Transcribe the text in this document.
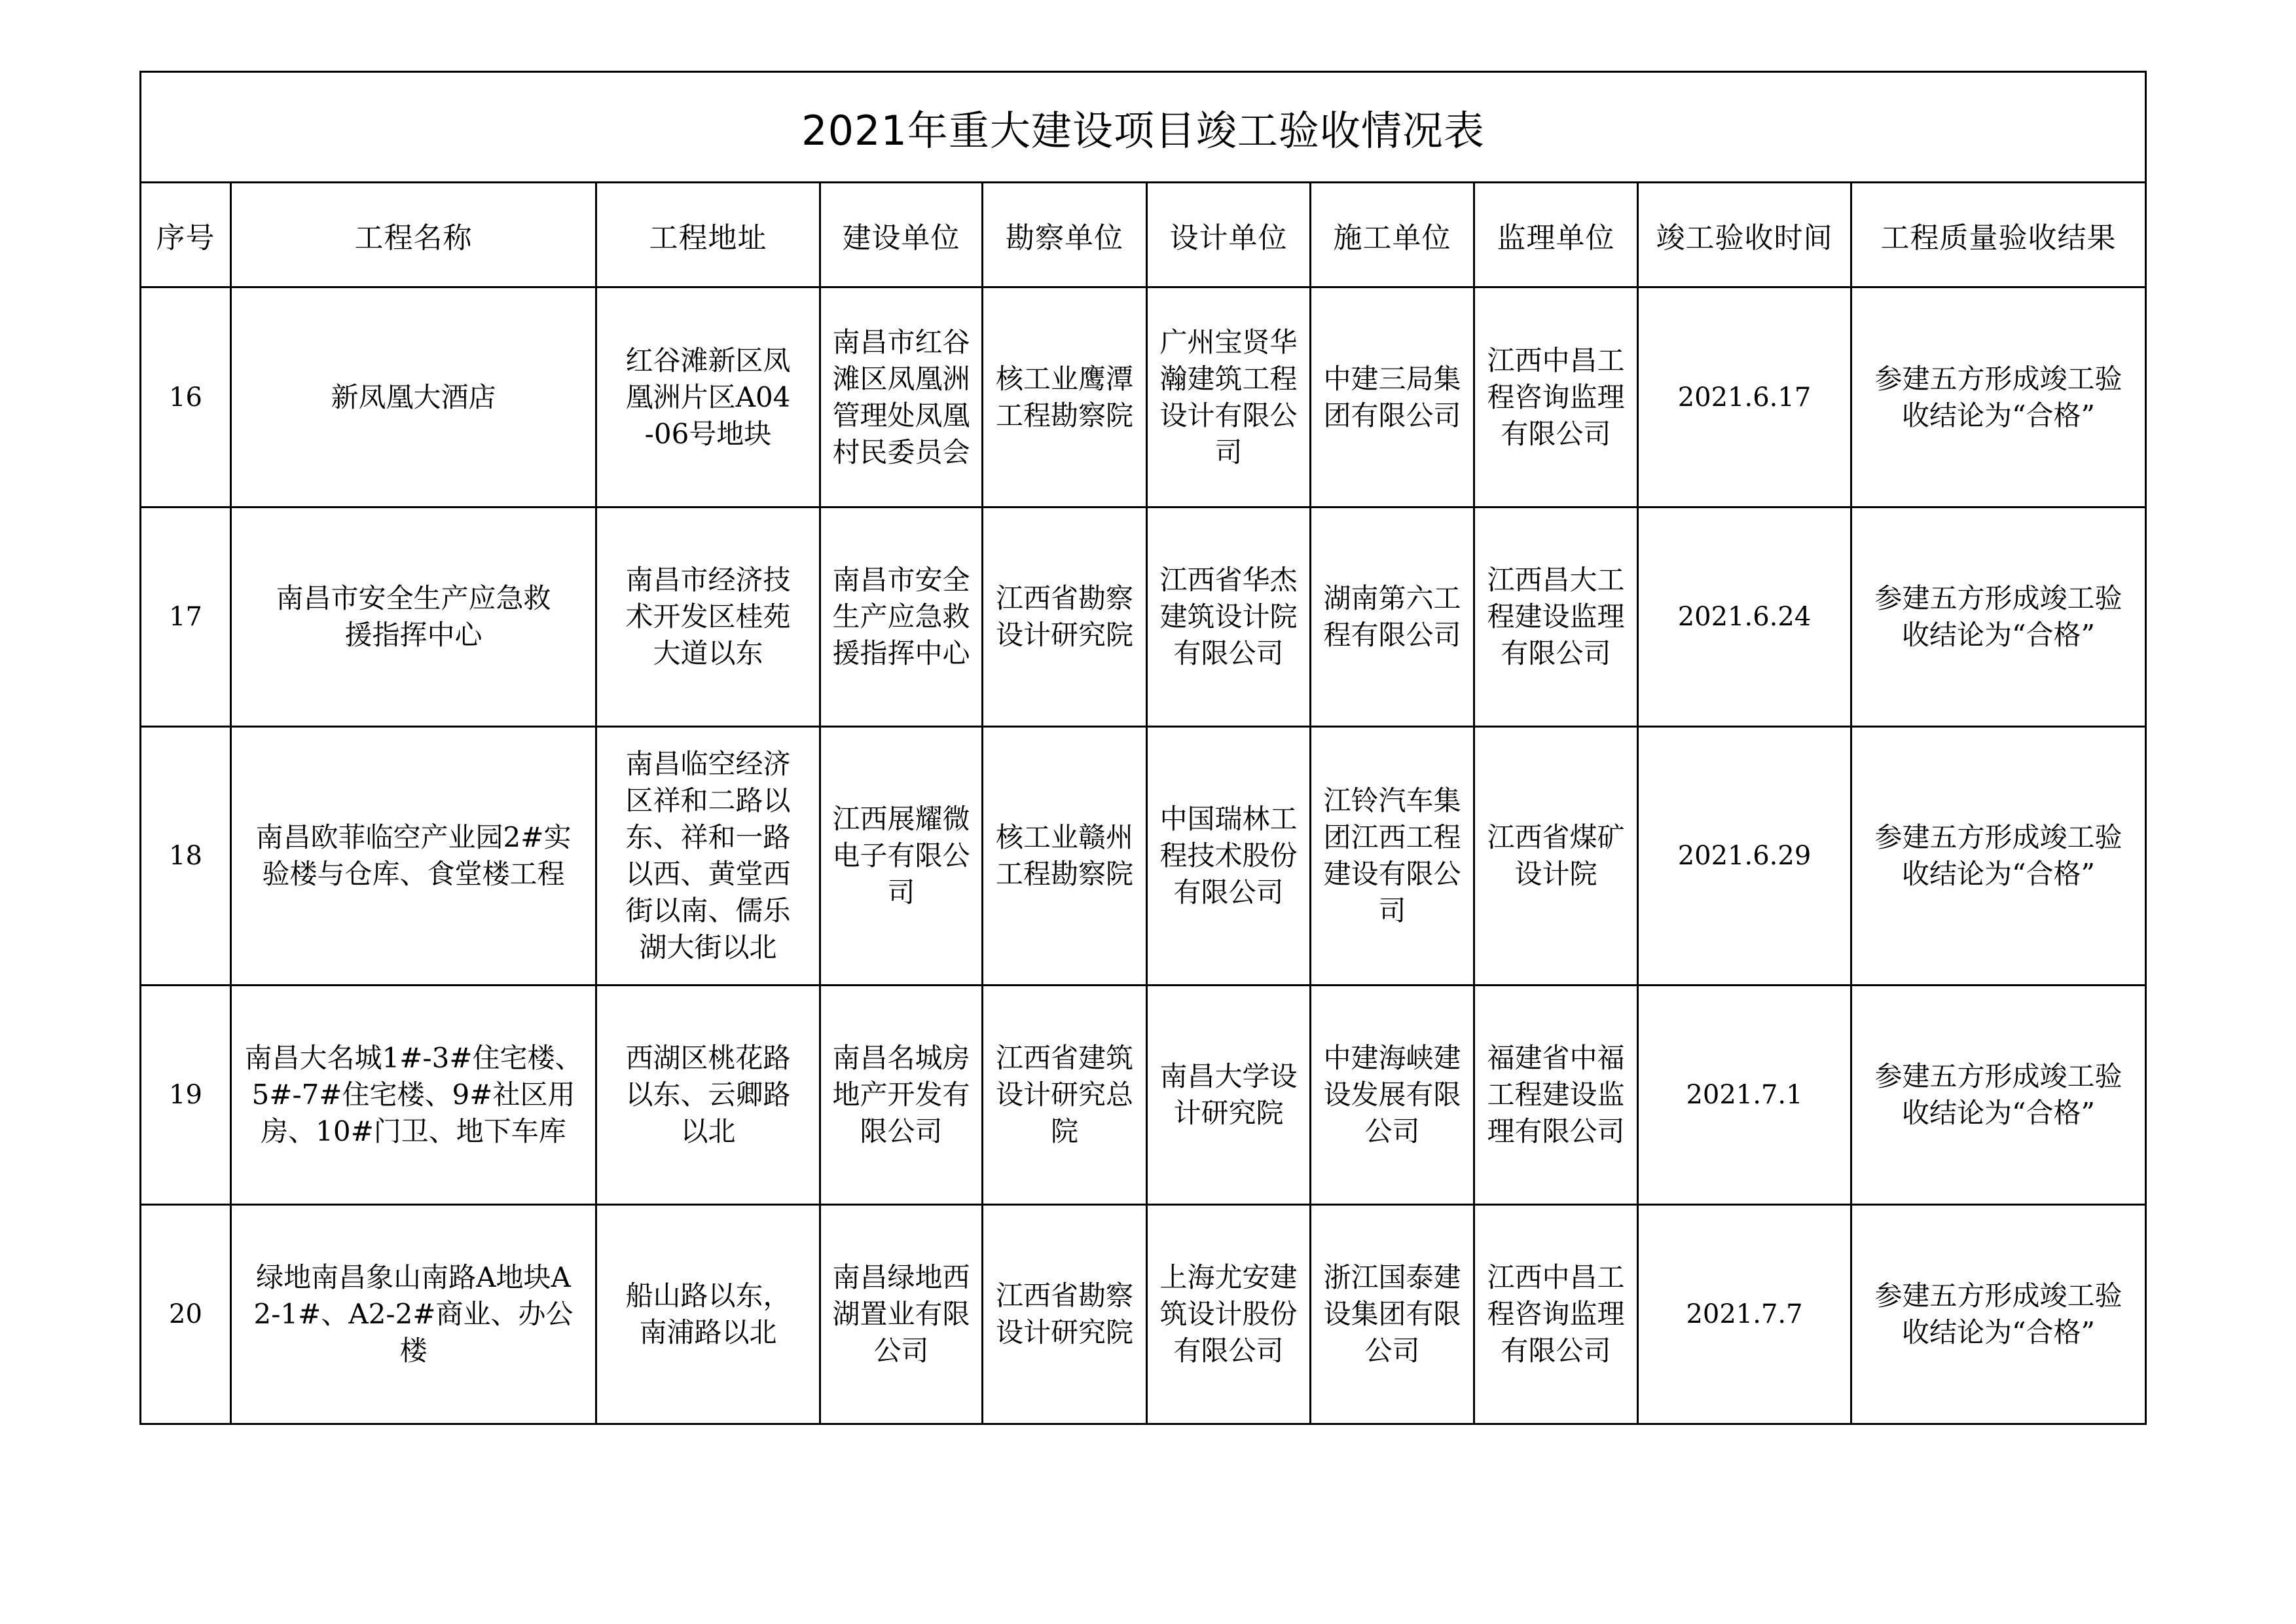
2021年重大建设项目竣工验收情况表									
序号	工程名称	工程地址	建设单位	勘察单位	设计单位	施工单位	监理单位	竣工验收时间	工程质量验收结果
16	新凤凰大酒店	红谷滩新区凤凰洲片区A04-06号地块	南昌市红谷滩区凤凰洲管理处凤凰村民委员会	核工业鹰潭工程勘察院	广州宝贤华瀚建筑工程设计有限公司	中建三局集团有限公司	江西中昌工程咨询监理有限公司	2021.6.17	参建五方形成竣工验收结论为“合格”
17	南昌市安全生产应急救援指挥中心	南昌市经济技术开发区桂苑大道以东	南昌市安全生产应急救援指挥中心	江西省勘察设计研究院	江西省华杰建筑设计院有限公司	湖南第六工程有限公司	江西昌大工程建设监理有限公司	2021.6.24	参建五方形成竣工验收结论为“合格”
18	南昌欧菲临空产业园2#实验楼与仓库、食堂楼工程	南昌临空经济区祥和二路以东、祥和一路以西、黄堂西街以南、儒乐湖大街以北	江西展耀微电子有限公司	核工业赣州工程勘察院	中国瑞林工程技术股份有限公司	江铃汽车集团江西工程建设有限公司	江西省煤矿设计院	2021.6.29	参建五方形成竣工验收结论为“合格”
19	南昌大名城1#-3#住宅楼、5#-7#住宅楼、9#社区用房、10#门卫、地下车库	西湖区桃花路以东、云卿路以北	南昌名城房地产开发有限公司	江西省建筑设计研究总院	南昌大学设计研究院	中建海峡建设发展有限公司	福建省中福工程建设监理有限公司	2021.7.1	参建五方形成竣工验收结论为“合格”
20	绿地南昌象山南路A地块A2-1#、A2-2#商业、办公楼	船山路以东，南浦路以北	南昌绿地西湖置业有限公司	江西省勘察设计研究院	上海尤安建筑设计股份有限公司	浙江国泰建设集团有限公司	江西中昌工程咨询监理有限公司	2021.7.7	参建五方形成竣工验收结论为“合格”
